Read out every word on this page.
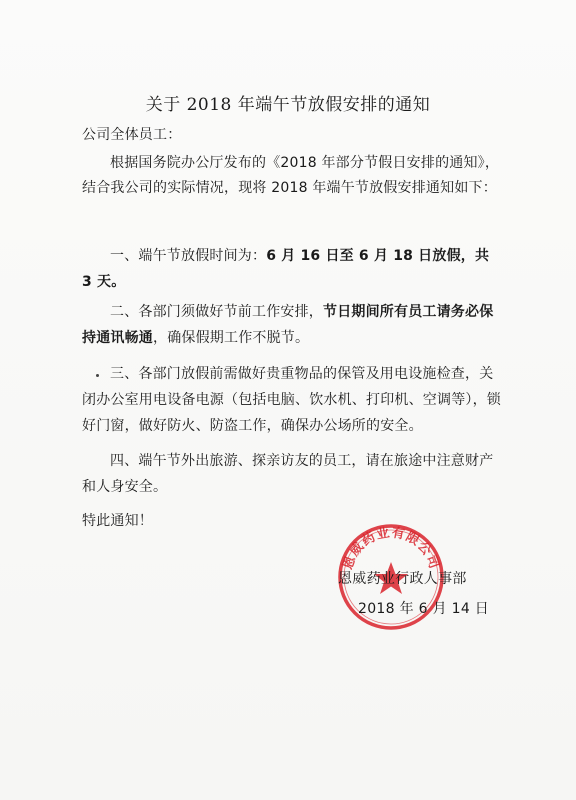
关于 2018 年端午节放假安排的通知
公司全体员工：
根据国务院办公厅发布的《2018 年部分节假日安排的通知》，结合我公司的实际情况，现将 2018 年端午节放假安排通知如下：
一、端午节放假时间为：6 月 16 日至 6 月 18 日放假，共 3 天。
二、各部门须做好节前工作安排，节日期间所有员工请务必保持通讯畅通，确保假期工作不脱节。
三、各部门放假前需做好贵重物品的保管及用电设施检查，关闭办公室用电设备电源（包括电脑、饮水机、打印机、空调等），锁好门窗，做好防火、防盗工作，确保办公场所的安全。
四、端午节外出旅游、探亲访友的员工，请在旅途中注意财产和人身安全。
特此通知！
恩威药业有限公司
恩威药业行政人事部
2018 年 6 月 14 日
